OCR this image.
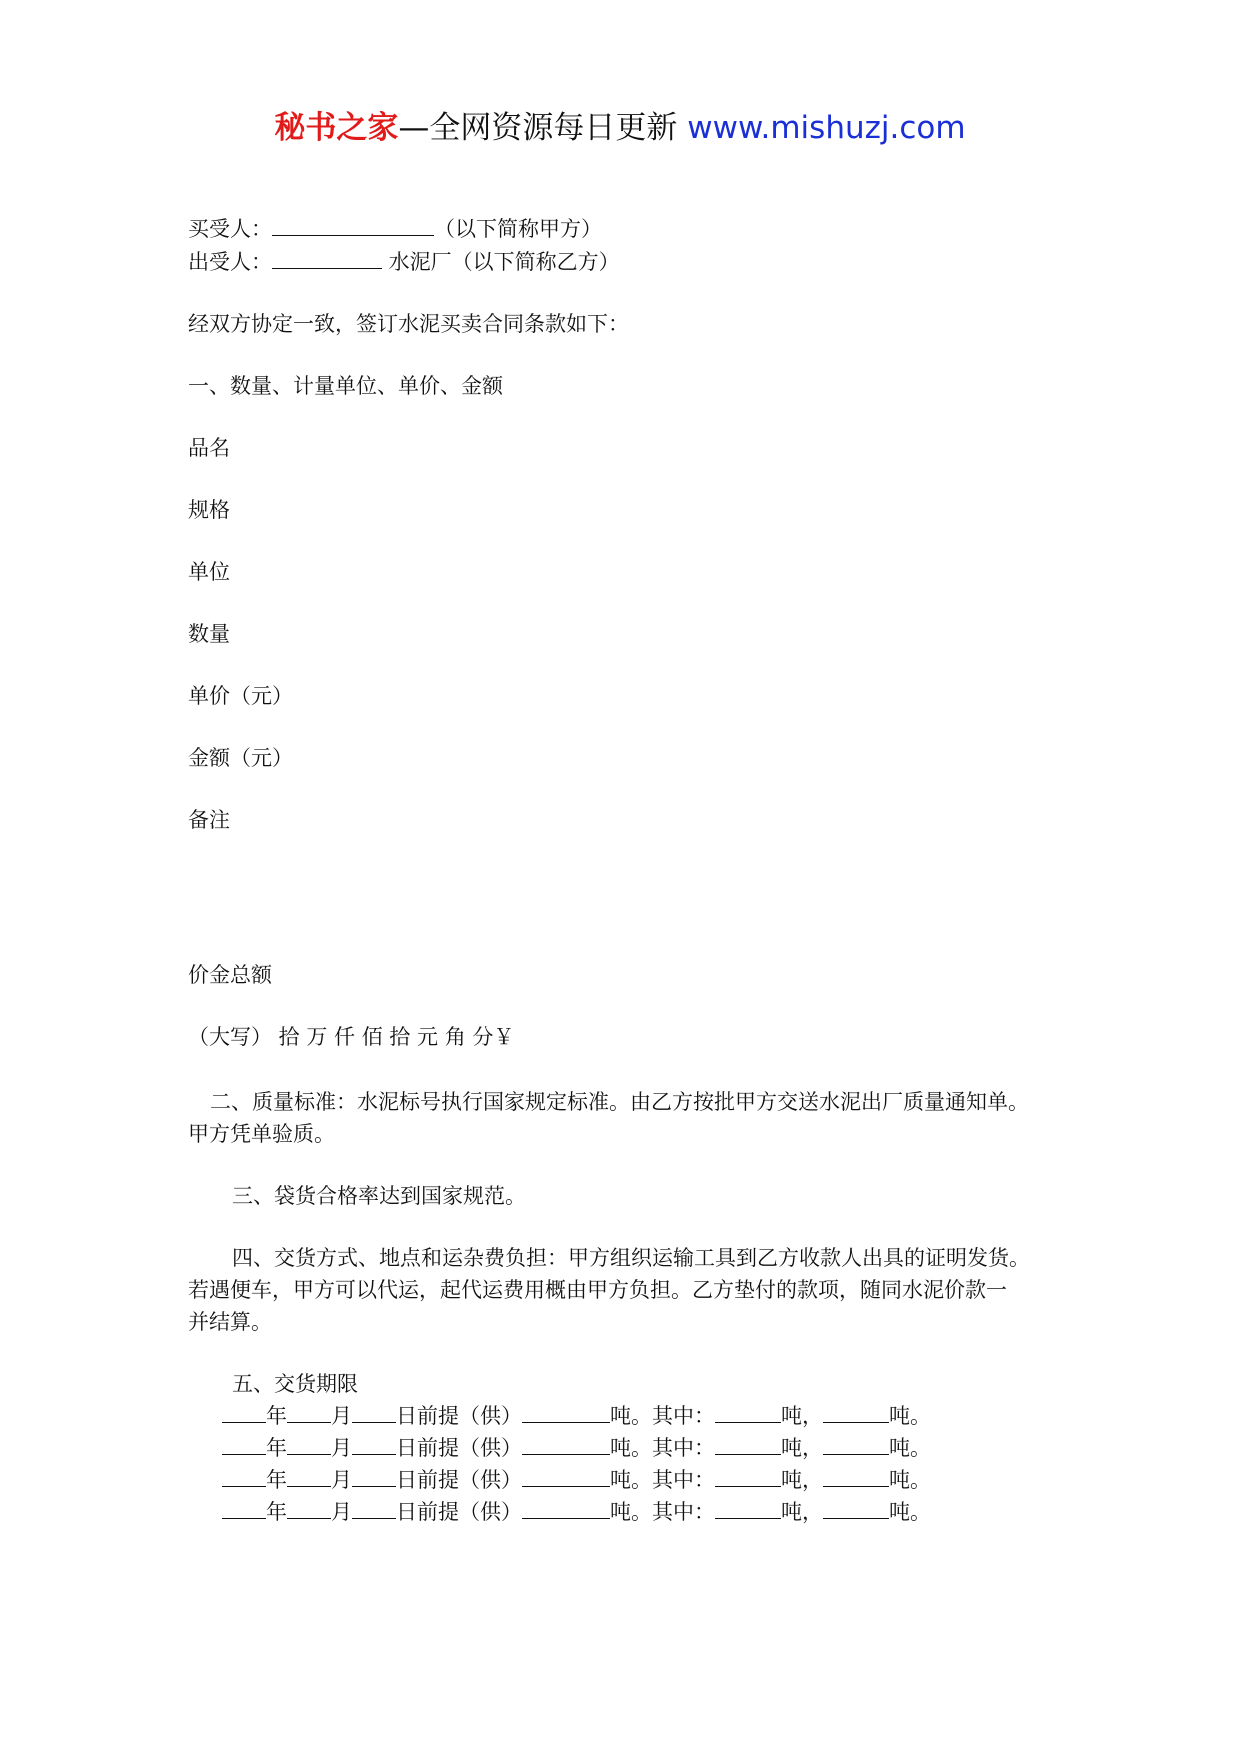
秘书之家—全网资源每日更新 www.mishuzj.com
买受人：	（以下简称甲方）
出受人：	水泥厂（以下简称乙方）
经双方协定一致，签订水泥买卖合同条款如下：
一、数量、计量单位、单价、金额
品名
规格
单位
数量
单价（元）
金额（元）
备注
价金总额
（大写） 拾 万 仟 佰 拾 元 角 分￥
二、质量标准：水泥标号执行国家规定标准。由乙方按批甲方交送水泥出厂质量通知单。
甲方凭单验质。
三、袋货合格率达到国家规范。
四、交货方式、地点和运杂费负担：甲方组织运输工具到乙方收款人出具的证明发货。
若遇便车，甲方可以代运，起代运费用概由甲方负担。乙方垫付的款项，随同水泥价款一
并结算。
五、交货期限
年 月 日前提（供）	吨。其中：	吨，	吨。
年 月 日前提（供）	吨。其中：	吨，	吨。
年 月 日前提（供）	吨。其中：	吨，	吨。
年 月 日前提（供）	吨。其中：	吨，	吨。
